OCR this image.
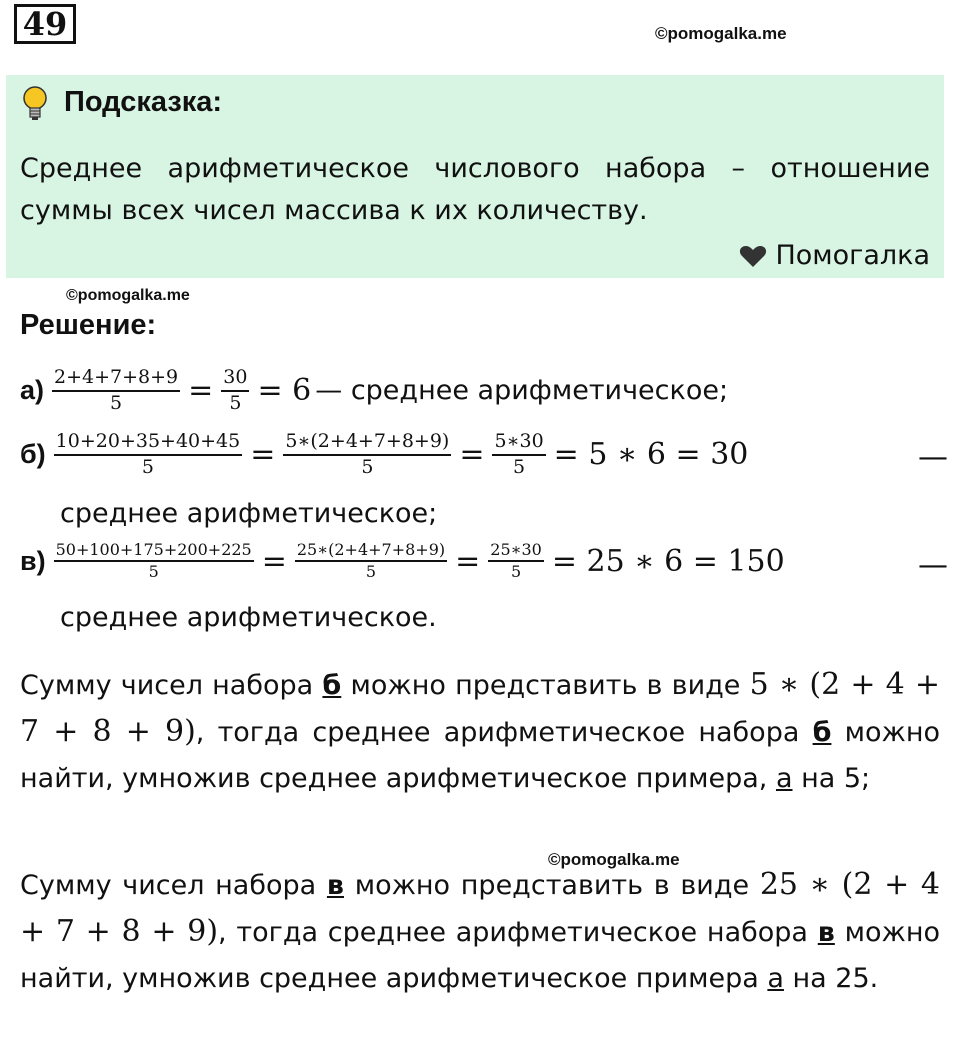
49	©pomogalka.me
Подсказка:
Среднее арифметическое числового набора – отношение суммы всех чисел массива к их количеству.
Помогалка
©pomogalka.me
Решение:
$а) \frac{2+4+7+8+9}{5} = \frac{30}{5} = 6$ — среднее арифметическое;
$б) \frac{10+20+35+40+45}{5} = \frac{5∗(2+4+7+8+9)}{5} = \frac{5∗30}{5} = 5$ ∗ 6 = 30	—
среднее арифметическое;
$в) \frac{50+100+175+200+225}{5} = \frac{25∗(2+4+7+8+9)}{5} = \frac{25∗30}{5} = 25$ ∗ 6 = 150	—
среднее арифметическое.
Сумму чисел набора б можно представить в виде 5 ∗ (2 + 4 + 7 + 8 + 9), тогда среднее арифметическое набора б можно найти, умножив среднее арифметическое примера, а на 5;
©pomogalka.me
Сумму чисел набора в можно представить в виде 25 ∗ (2 + 4 + 7 + 8 + 9), тогда среднее арифметическое набора в можно найти, умножив среднее арифметическое примера а на 25.
